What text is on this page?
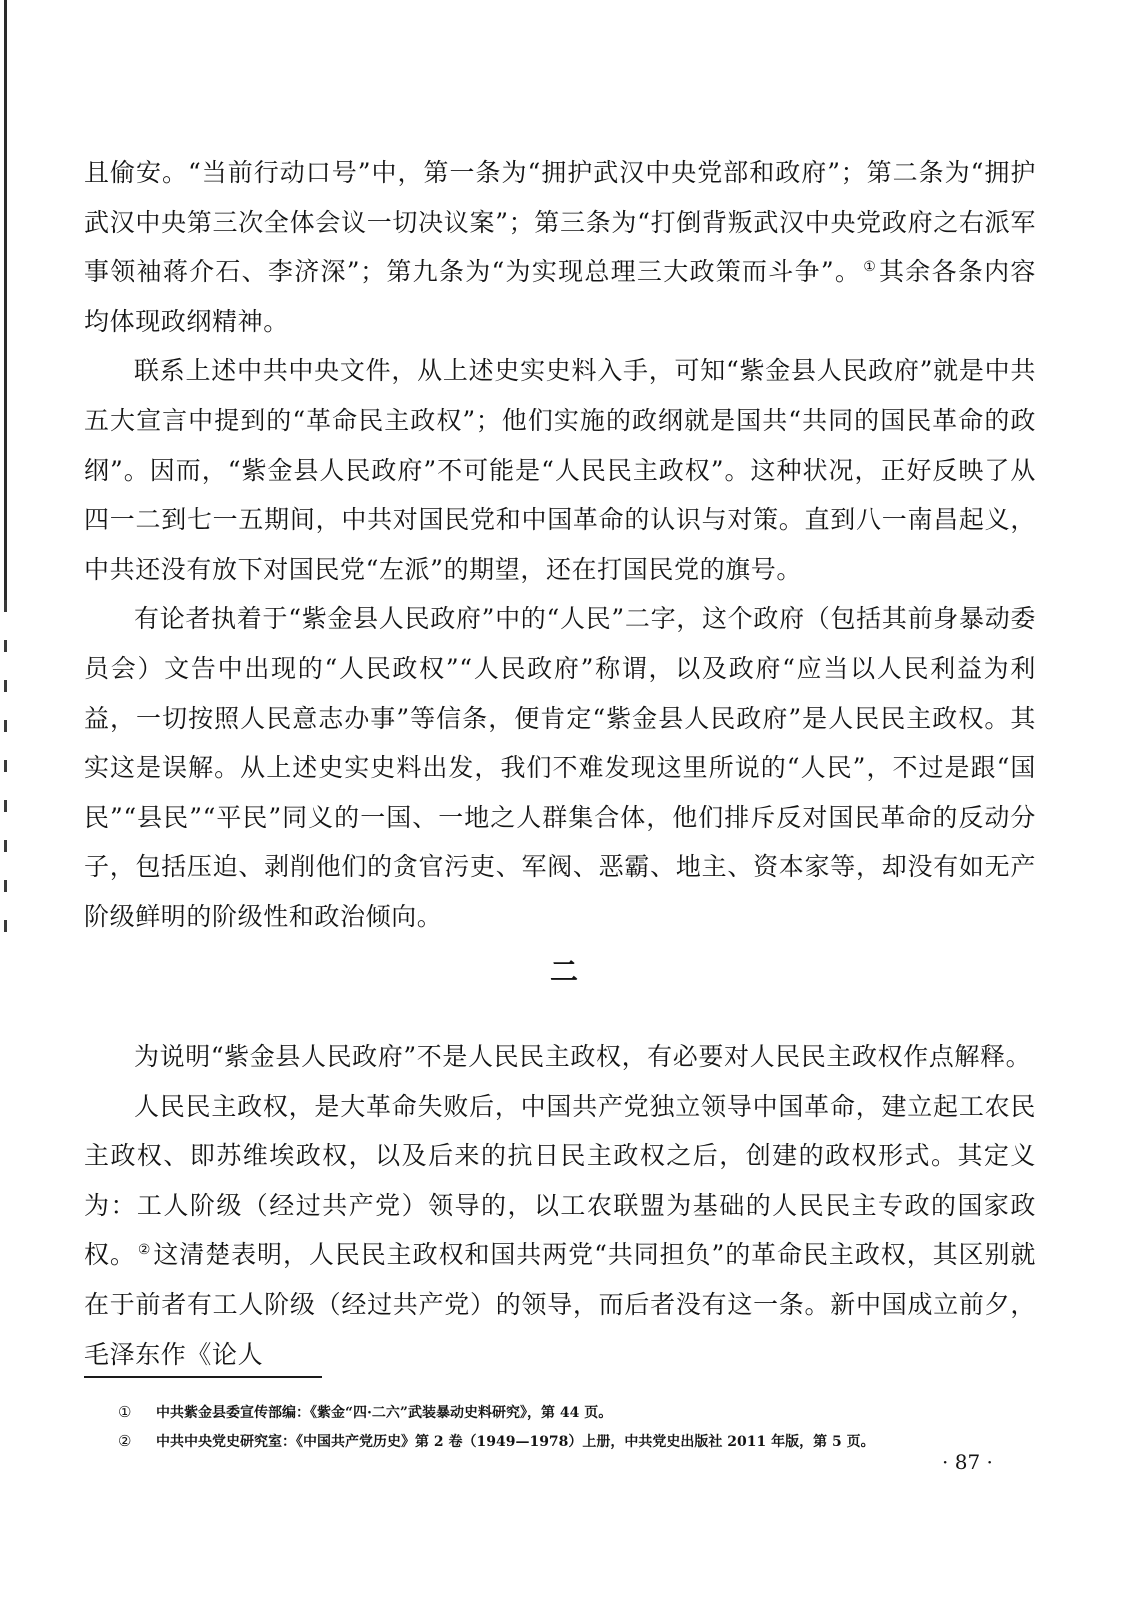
且偷安。“当前行动口号”中，第一条为“拥护武汉中央党部和政府”；第二条为“拥护武汉中央第三次全体会议一切决议案”；第三条为“打倒背叛武汉中央党政府之右派军事领袖蒋介石、李济深”；第九条为“为实现总理三大政策而斗争”。 ①其余各条内容均体现政纲精神。

联系上述中共中央文件，从上述史实史料入手，可知“紫金县人民政府”就是中共五大宣言中提到的“革命民主政权”；他们实施的政纲就是国共“共同的国民革命的政纲”。因而，“紫金县人民政府”不可能是“人民民主政权”。这种状况，正好反映了从四一二到七一五期间，中共对国民党和中国革命的认识与对策。直到八一南昌起义，中共还没有放下对国民党“左派”的期望，还在打国民党的旗号。

有论者执着于“紫金县人民政府”中的“人民”二字，这个政府（包括其前身暴动委员会）文告中出现的“人民政权”“人民政府”称谓，以及政府“应当以人民利益为利益，一切按照人民意志办事”等信条，便肯定“紫金县人民政府”是人民民主政权。其实这是误解。从上述史实史料出发，我们不难发现这里所说的“人民”，不过是跟“国民”“县民”“平民”同义的一国、一地之人群集合体，他们排斥反对国民革命的反动分子，包括压迫、剥削他们的贪官污吏、军阀、恶霸、地主、资本家等，却没有如无产阶级鲜明的阶级性和政治倾向。

二

为说明“紫金县人民政府”不是人民民主政权，有必要对人民民主政权作点解释。

人民民主政权，是大革命失败后，中国共产党独立领导中国革命，建立起工农民主政权、即苏维埃政权，以及后来的抗日民主政权之后，创建的政权形式。其定义为：工人阶级（经过共产党）领导的，以工农联盟为基础的人民民主专政的国家政权。 ②这清楚表明，人民民主政权和国共两党“共同担负”的革命民主政权，其区别就在于前者有工人阶级（经过共产党）的领导，而后者没有这一条。新中国成立前夕，毛泽东作《论人

① 中共紫金县委宣传部编：《紫金“四·二六”武装暴动史料研究》，第 44 页。
② 中共中央党史研究室：《中国共产党历史》第 2 卷（1949—1978）上册，中共党史出版社 2011 年版，第 5 页。
· 87 ·
